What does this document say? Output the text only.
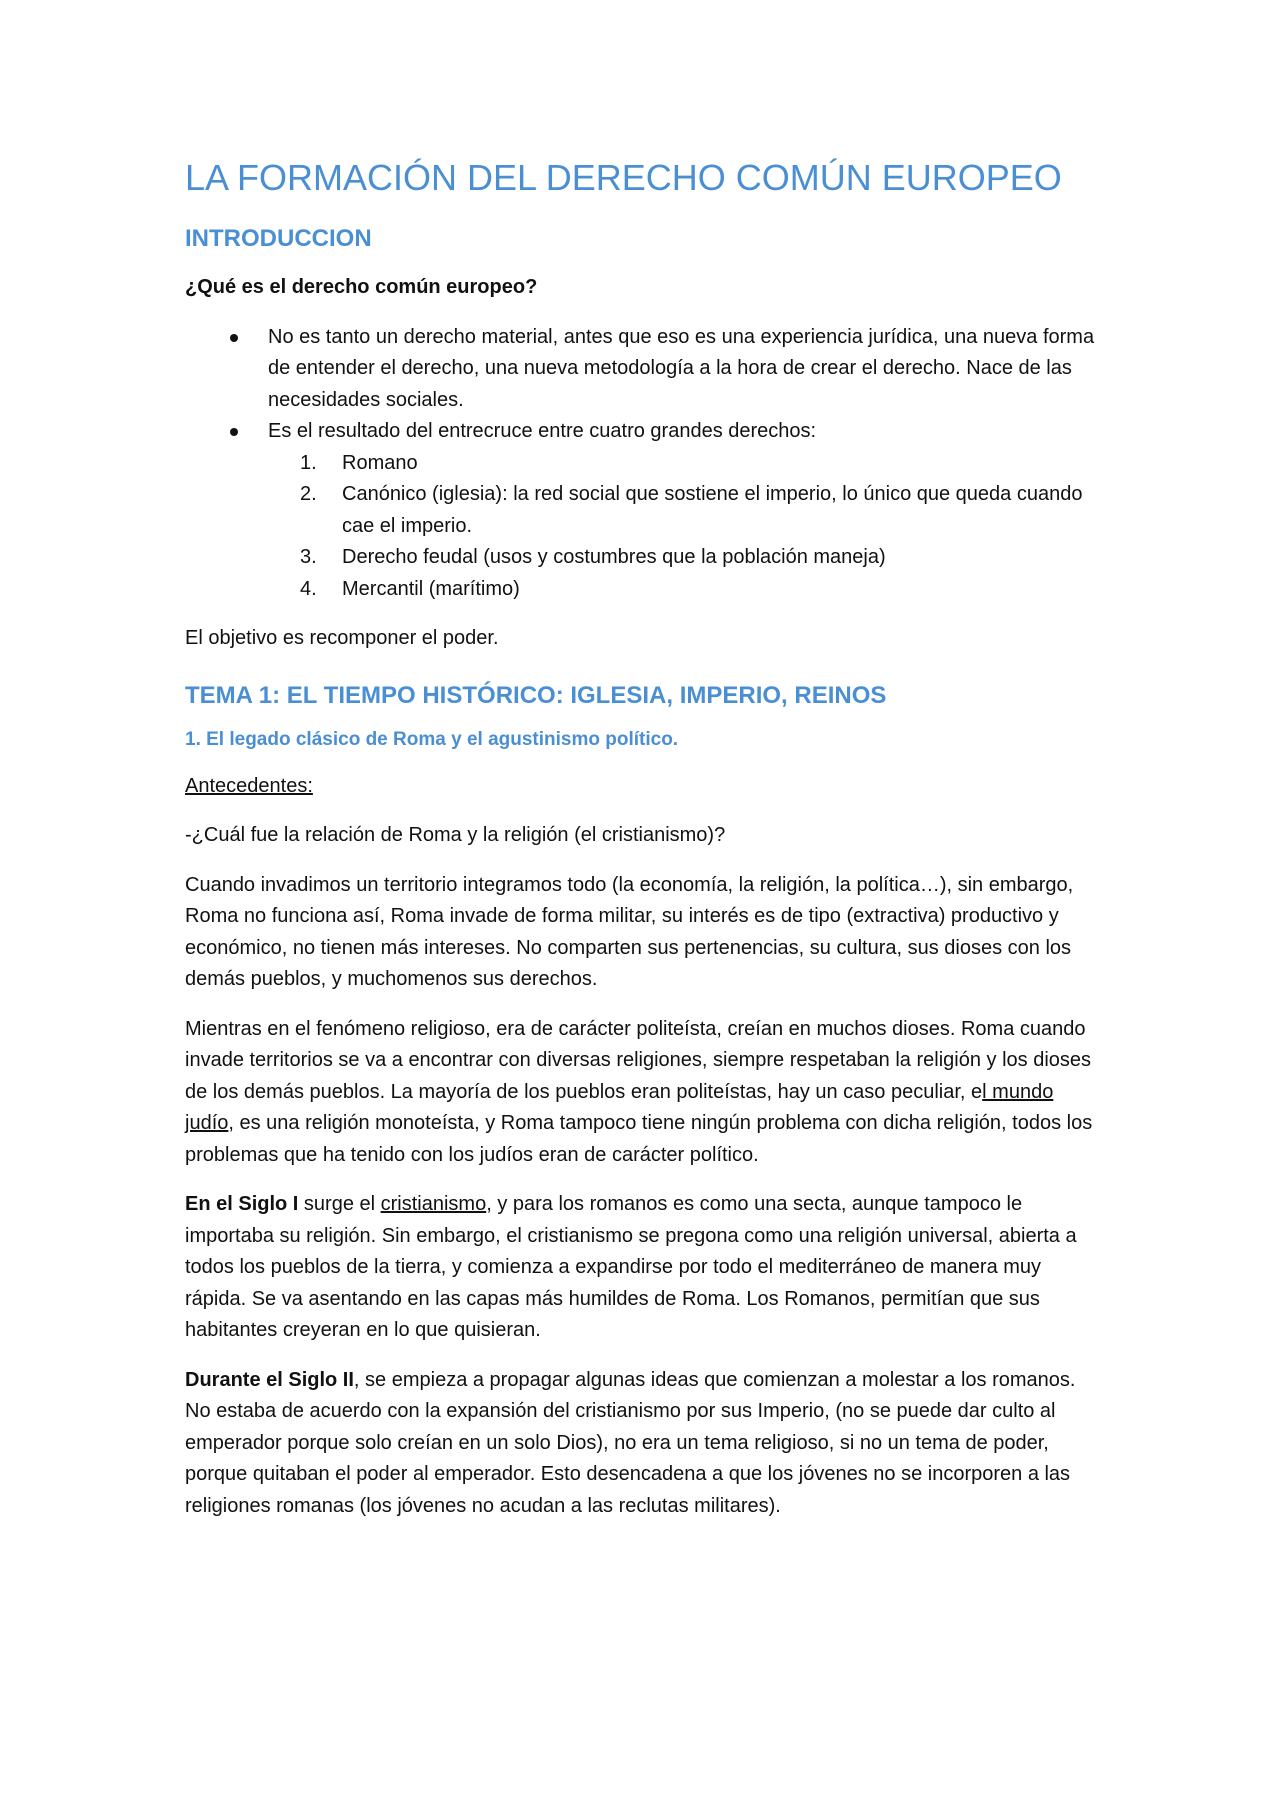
LA FORMACIÓN DEL DERECHO COMÚN EUROPEO
INTRODUCCION

¿Qué es el derecho común europeo?

No es tanto un derecho material, antes que eso es una experiencia jurídica, una nueva forma de entender el derecho, una nueva metodología a la hora de crear el derecho. Nace de las necesidades sociales.
Es el resultado del entrecruce entre cuatro grandes derechos:
1. Romano
2. Canónico (iglesia): la red social que sostiene el imperio, lo único que queda cuando cae el imperio.
3. Derecho feudal (usos y costumbres que la población maneja)
4. Mercantil (marítimo)

El objetivo es recomponer el poder.

TEMA 1: EL TIEMPO HISTÓRICO: IGLESIA, IMPERIO, REINOS
1. El legado clásico de Roma y el agustinismo político.

Antecedentes:

-¿Cuál fue la relación de Roma y la religión (el cristianismo)?

Cuando invadimos un territorio integramos todo (la economía, la religión, la política…), sin embargo, Roma no funciona así, Roma invade de forma militar, su interés es de tipo (extractiva) productivo y económico, no tienen más intereses. No comparten sus pertenencias, su cultura, sus dioses con los demás pueblos, y muchomenos sus derechos.

Mientras en el fenómeno religioso, era de carácter politeísta, creían en muchos dioses. Roma cuando invade territorios se va a encontrar con diversas religiones, siempre respetaban la religión y los dioses de los demás pueblos. La mayoría de los pueblos eran politeístas, hay un caso peculiar, el mundo judío, es una religión monoteísta, y Roma tampoco tiene ningún problema con dicha religión, todos los problemas que ha tenido con los judíos eran de carácter político.

En el Siglo I surge el cristianismo, y para los romanos es como una secta, aunque tampoco le importaba su religión. Sin embargo, el cristianismo se pregona como una religión universal, abierta a todos los pueblos de la tierra, y comienza a expandirse por todo el mediterráneo de manera muy rápida. Se va asentando en las capas más humildes de Roma. Los Romanos, permitían que sus habitantes creyeran en lo que quisieran.

Durante el Siglo II, se empieza a propagar algunas ideas que comienzan a molestar a los romanos. No estaba de acuerdo con la expansión del cristianismo por sus Imperio, (no se puede dar culto al emperador porque solo creían en un solo Dios), no era un tema religioso, si no un tema de poder, porque quitaban el poder al emperador. Esto desencadena a que los jóvenes no se incorporen a las religiones romanas (los jóvenes no acudan a las reclutas militares).
